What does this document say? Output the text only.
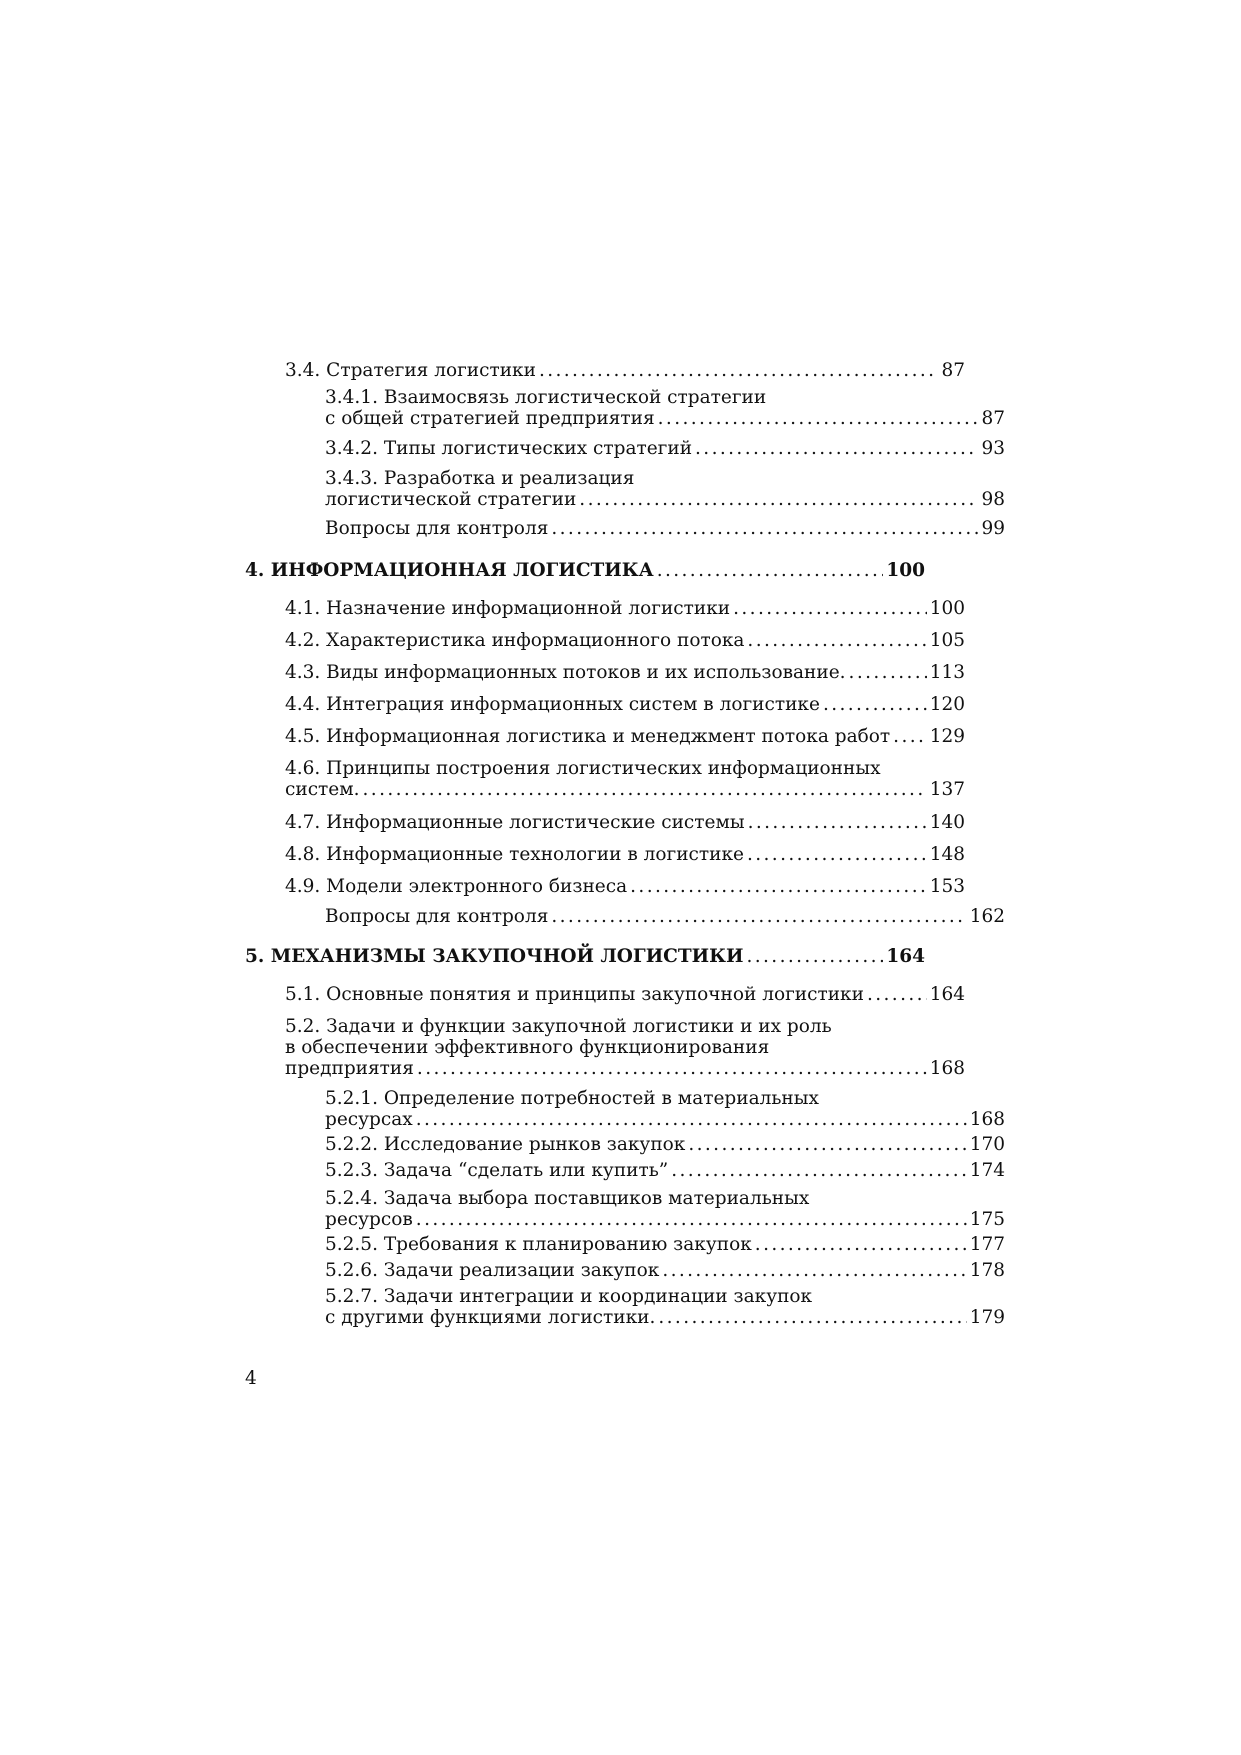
3.4. Стратегия логистики .....	87
3.4.1. Взаимосвязь логистической стратегии
с общей стратегией предприятия .....	87
3.4.2. Типы логистических стратегий .....	93
3.4.3. Разработка и реализация
логистической стратегии .....	98
Вопросы для контроля .....	99
4. ИНФОРМАЦИОННАЯ ЛОГИСТИКА .....	100
4.1. Назначение информационной логистики .....	100
4.2. Характеристика информационного потока .....	105
4.3. Виды информационных потоков и их использование. .....	113
4.4. Интеграция информационных систем в логистике .....	120
4.5. Информационная логистика и менеджмент потока работ ..... 129
4.6. Принципы построения логистических информационных
систем. .....	137
4.7. Информационные логистические системы .....	140
4.8. Информационные технологии в логистике .....	148
4.9. Модели электронного бизнеса .....	153
Вопросы для контроля .....	162
5. МЕХАНИЗМЫ ЗАКУПОЧНОЙ ЛОГИСТИКИ .....	164
5.1. Основные понятия и принципы закупочной логистики .....	164
5.2. Задачи и функции закупочной логистики и их роль
в обеспечении эффективного функционирования
предприятия .....	168
5.2.1. Определение потребностей в материальных
ресурсах .....	168
5.2.2. Исследование рынков закупок .....	170
5.2.3. Задача “сделать или купить” .....	174
5.2.4. Задача выбора поставщиков материальных
ресурсов .....	175
5.2.5. Требования к планированию закупок .....	177
5.2.6. Задачи реализации закупок .....	178
5.2.7. Задачи интеграции и координации закупок
с другими функциями логистики. .....	179
4
